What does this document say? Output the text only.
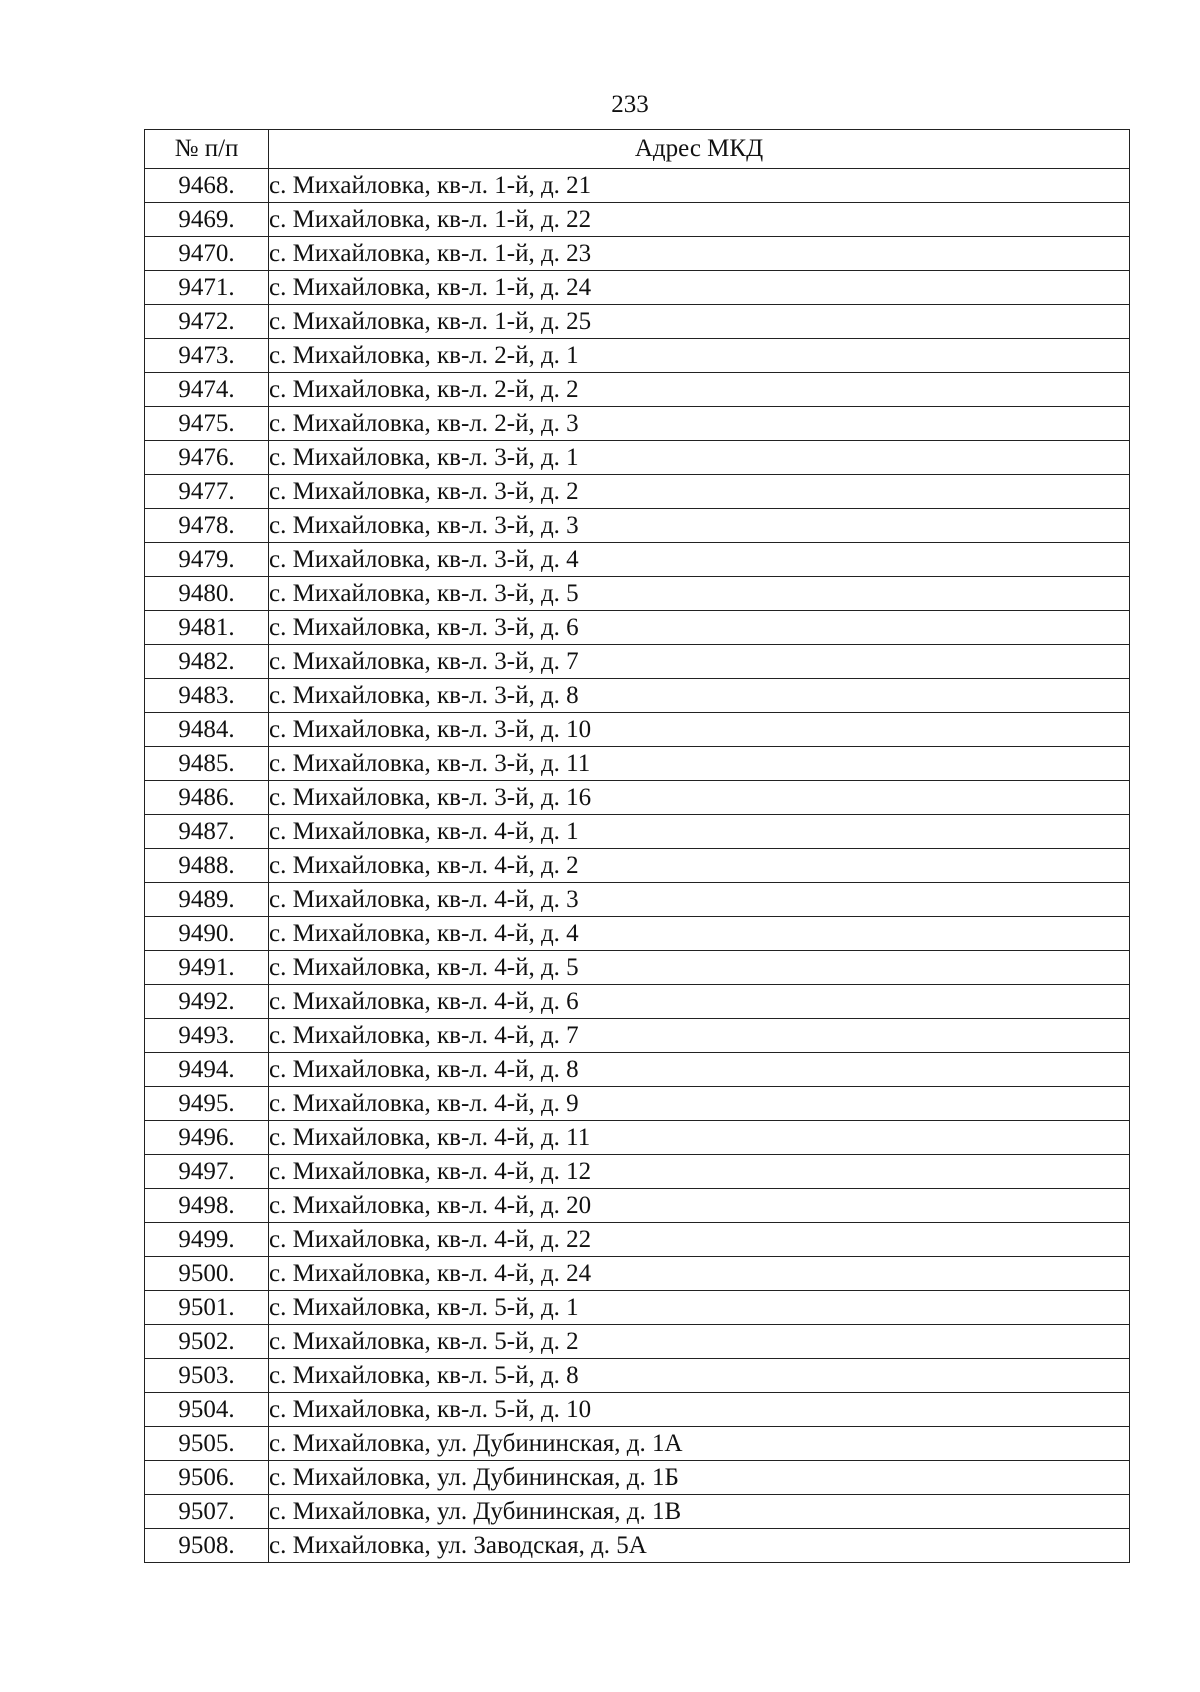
233
№ п/п	Адрес МКД
9468.	с. Михайловка, кв-л. 1-й, д. 21
9469.	с. Михайловка, кв-л. 1-й, д. 22
9470.	с. Михайловка, кв-л. 1-й, д. 23
9471.	с. Михайловка, кв-л. 1-й, д. 24
9472.	с. Михайловка, кв-л. 1-й, д. 25
9473.	с. Михайловка, кв-л. 2-й, д. 1
9474.	с. Михайловка, кв-л. 2-й, д. 2
9475.	с. Михайловка, кв-л. 2-й, д. 3
9476.	с. Михайловка, кв-л. 3-й, д. 1
9477.	с. Михайловка, кв-л. 3-й, д. 2
9478.	с. Михайловка, кв-л. 3-й, д. 3
9479.	с. Михайловка, кв-л. 3-й, д. 4
9480.	с. Михайловка, кв-л. 3-й, д. 5
9481.	с. Михайловка, кв-л. 3-й, д. 6
9482.	с. Михайловка, кв-л. 3-й, д. 7
9483.	с. Михайловка, кв-л. 3-й, д. 8
9484.	с. Михайловка, кв-л. 3-й, д. 10
9485.	с. Михайловка, кв-л. 3-й, д. 11
9486.	с. Михайловка, кв-л. 3-й, д. 16
9487.	с. Михайловка, кв-л. 4-й, д. 1
9488.	с. Михайловка, кв-л. 4-й, д. 2
9489.	с. Михайловка, кв-л. 4-й, д. 3
9490.	с. Михайловка, кв-л. 4-й, д. 4
9491.	с. Михайловка, кв-л. 4-й, д. 5
9492.	с. Михайловка, кв-л. 4-й, д. 6
9493.	с. Михайловка, кв-л. 4-й, д. 7
9494.	с. Михайловка, кв-л. 4-й, д. 8
9495.	с. Михайловка, кв-л. 4-й, д. 9
9496.	с. Михайловка, кв-л. 4-й, д. 11
9497.	с. Михайловка, кв-л. 4-й, д. 12
9498.	с. Михайловка, кв-л. 4-й, д. 20
9499.	с. Михайловка, кв-л. 4-й, д. 22
9500.	с. Михайловка, кв-л. 4-й, д. 24
9501.	с. Михайловка, кв-л. 5-й, д. 1
9502.	с. Михайловка, кв-л. 5-й, д. 2
9503.	с. Михайловка, кв-л. 5-й, д. 8
9504.	с. Михайловка, кв-л. 5-й, д. 10
9505.	с. Михайловка, ул. Дубининская, д. 1А
9506.	с. Михайловка, ул. Дубининская, д. 1Б
9507.	с. Михайловка, ул. Дубининская, д. 1В
9508.	с. Михайловка, ул. Заводская, д. 5А
